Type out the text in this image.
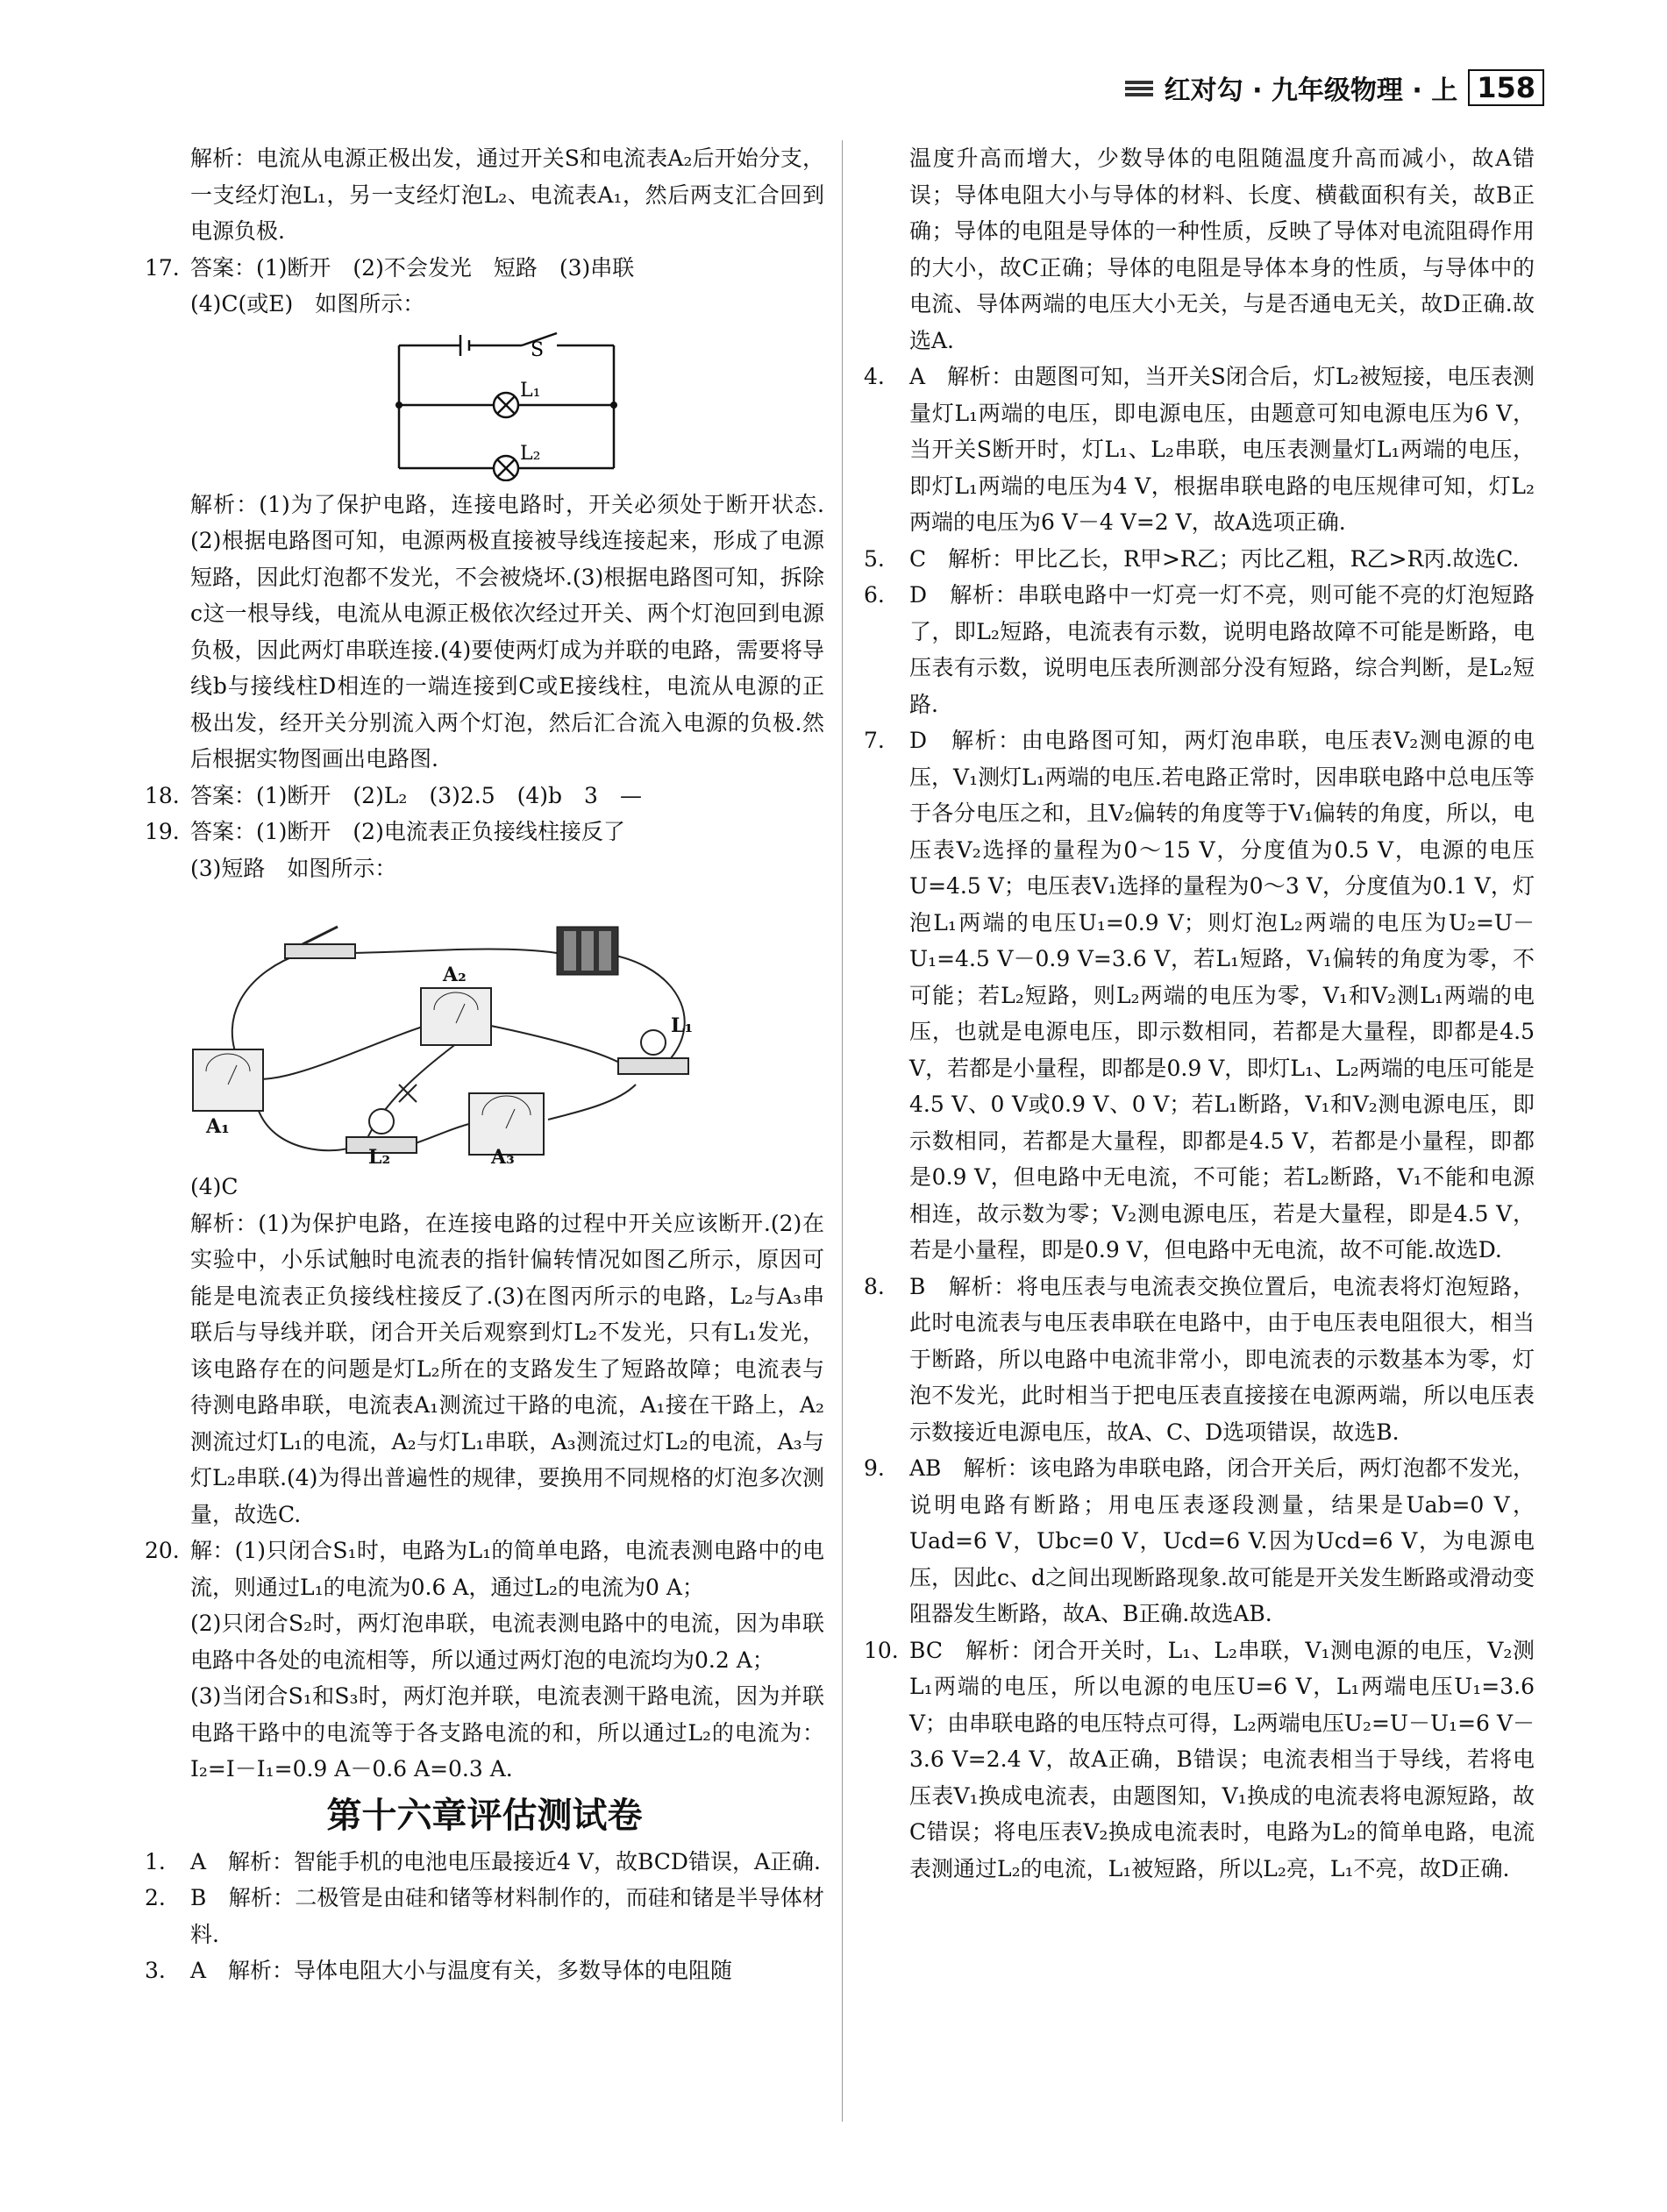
红对勾 · 九年级物理 · 上 158
解析：电流从电源正极出发，通过开关S和电流表A₂后开始分支，一支经灯泡L₁，另一支经灯泡L₂、电流表A₁，然后两支汇合回到电源负极.
17. 答案：(1)断开　(2)不会发光　短路　(3)串联
(4)C(或E)　如图所示：
S
L₁
L₂
解析：(1)为了保护电路，连接电路时，开关必须处于断开状态.(2)根据电路图可知，电源两极直接被导线连接起来，形成了电源短路，因此灯泡都不发光，不会被烧坏.(3)根据电路图可知，拆除c这一根导线，电流从电源正极依次经过开关、两个灯泡回到电源负极，因此两灯串联连接.(4)要使两灯成为并联的电路，需要将导线b与接线柱D相连的一端连接到C或E接线柱，电流从电源的正极出发，经开关分别流入两个灯泡，然后汇合流入电源的负极.然后根据实物图画出电路图.
18. 答案：(1)断开　(2)L₂　(3)2.5　(4)b　3　—
19. 答案：(1)断开　(2)电流表正负接线柱接反了
(3)短路　如图所示：
A₂
A₁
A₃
L₁
L₂
(4)C
解析：(1)为保护电路，在连接电路的过程中开关应该断开.(2)在实验中，小乐试触时电流表的指针偏转情况如图乙所示，原因可能是电流表正负接线柱接反了.(3)在图丙所示的电路，L₂与A₃串联后与导线并联，闭合开关后观察到灯L₂不发光，只有L₁发光，该电路存在的问题是灯L₂所在的支路发生了短路故障；电流表与待测电路串联，电流表A₁测流过干路的电流，A₁接在干路上，A₂测流过灯L₁的电流，A₂与灯L₁串联，A₃测流过灯L₂的电流，A₃与灯L₂串联.(4)为得出普遍性的规律，要换用不同规格的灯泡多次测量，故选C.
20. 解：(1)只闭合S₁时，电路为L₁的简单电路，电流表测电路中的电流，则通过L₁的电流为0.6 A，通过L₂的电流为0 A；
(2)只闭合S₂时，两灯泡串联，电流表测电路中的电流，因为串联电路中各处的电流相等，所以通过两灯泡的电流均为0.2 A；
(3)当闭合S₁和S₃时，两灯泡并联，电流表测干路电流，因为并联电路干路中的电流等于各支路电流的和，所以通过L₂的电流为：I₂=I－I₁=0.9 A－0.6 A=0.3 A.
第十六章评估测试卷
1.	A　解析：智能手机的电池电压最接近4 V，故BCD错误，A正确.
2.	B　解析：二极管是由硅和锗等材料制作的，而硅和锗是半导体材料.
3.	A　解析：导体电阻大小与温度有关，多数导体的电阻随
温度升高而增大，少数导体的电阻随温度升高而减小，故A错误；导体电阻大小与导体的材料、长度、横截面积有关，故B正确；导体的电阻是导体的一种性质，反映了导体对电流阻碍作用的大小，故C正确；导体的电阻是导体本身的性质，与导体中的电流、导体两端的电压大小无关，与是否通电无关，故D正确.故选A.
4.	A　解析：由题图可知，当开关S闭合后，灯L₂被短接，电压表测量灯L₁两端的电压，即电源电压，由题意可知电源电压为6 V，当开关S断开时，灯L₁、L₂串联，电压表测量灯L₁两端的电压，即灯L₁两端的电压为4 V，根据串联电路的电压规律可知，灯L₂两端的电压为6 V－4 V=2 V，故A选项正确.
5.	C　解析：甲比乙长，R甲>R乙；丙比乙粗，R乙>R丙.故选C.
6.	D　解析：串联电路中一灯亮一灯不亮，则可能不亮的灯泡短路了，即L₂短路，电流表有示数，说明电路故障不可能是断路，电压表有示数，说明电压表所测部分没有短路，综合判断，是L₂短路.
7.	D　解析：由电路图可知，两灯泡串联，电压表V₂测电源的电压，V₁测灯L₁两端的电压.若电路正常时，因串联电路中总电压等于各分电压之和，且V₂偏转的角度等于V₁偏转的角度，所以，电压表V₂选择的量程为0～15 V，分度值为0.5 V，电源的电压U=4.5 V；电压表V₁选择的量程为0～3 V，分度值为0.1 V，灯泡L₁两端的电压U₁=0.9 V；则灯泡L₂两端的电压为U₂=U－U₁=4.5 V－0.9 V=3.6 V，若L₁短路，V₁偏转的角度为零，不可能；若L₂短路，则L₂两端的电压为零，V₁和V₂测L₁两端的电压，也就是电源电压，即示数相同，若都是大量程，即都是4.5 V，若都是小量程，即都是0.9 V，即灯L₁、L₂两端的电压可能是4.5 V、0 V或0.9 V、0 V；若L₁断路，V₁和V₂测电源电压，即示数相同，若都是大量程，即都是4.5 V，若都是小量程，即都是0.9 V，但电路中无电流，不可能；若L₂断路，V₁不能和电源相连，故示数为零；V₂测电源电压，若是大量程，即是4.5 V，若是小量程，即是0.9 V，但电路中无电流，故不可能.故选D.
8.	B　解析：将电压表与电流表交换位置后，电流表将灯泡短路，此时电流表与电压表串联在电路中，由于电压表电阻很大，相当于断路，所以电路中电流非常小，即电流表的示数基本为零，灯泡不发光，此时相当于把电压表直接接在电源两端，所以电压表示数接近电源电压，故A、C、D选项错误，故选B.
9.	AB　解析：该电路为串联电路，闭合开关后，两灯泡都不发光，说明电路有断路；用电压表逐段测量，结果是Uab=0 V，Uad=6 V，Ubc=0 V，Ucd=6 V.因为Ucd=6 V，为电源电压，因此c、d之间出现断路现象.故可能是开关发生断路或滑动变阻器发生断路，故A、B正确.故选AB.
10. BC　解析：闭合开关时，L₁、L₂串联，V₁测电源的电压，V₂测L₁两端的电压，所以电源的电压U=6 V，L₁两端电压U₁=3.6 V；由串联电路的电压特点可得，L₂两端电压U₂=U－U₁=6 V－3.6 V=2.4 V，故A正确，B错误；电流表相当于导线，若将电压表V₁换成电流表，由题图知，V₁换成的电流表将电源短路，故C错误；将电压表V₂换成电流表时，电路为L₂的简单电路，电流表测通过L₂的电流，L₁被短路，所以L₂亮，L₁不亮，故D正确.
